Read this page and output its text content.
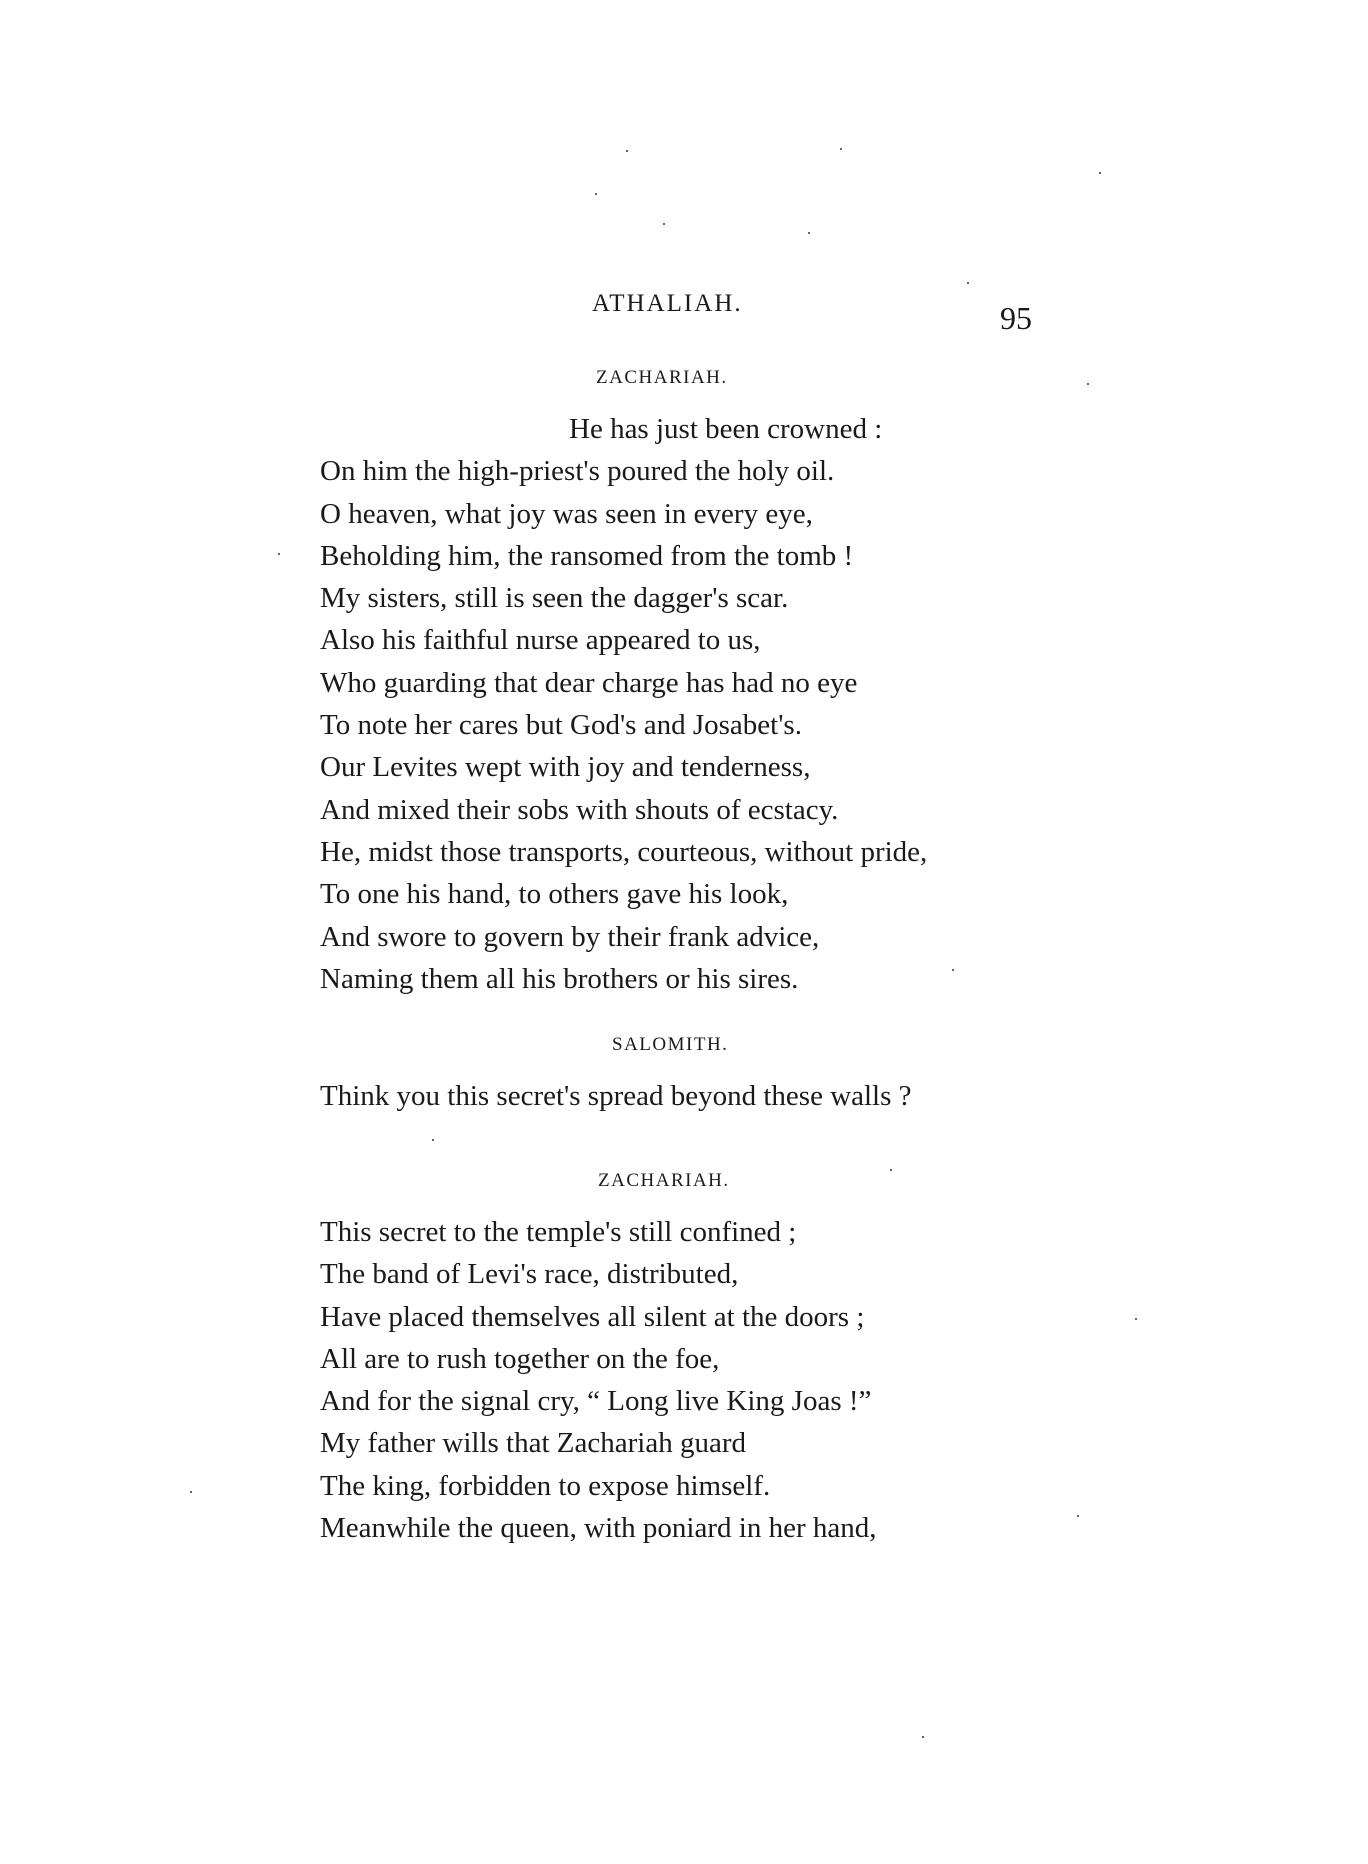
ATHALIAH.	95
ZACHARIAH.
He has just been crowned :
On him the high-priest's poured the holy oil.
O heaven, what joy was seen in every eye,
Beholding him, the ransomed from the tomb !
My sisters, still is seen the dagger's scar.
Also his faithful nurse appeared to us,
Who guarding that dear charge has had no eye
To note her cares but God's and Josabet's.
Our Levites wept with joy and tenderness,
And mixed their sobs with shouts of ecstacy.
He, midst those transports, courteous, without pride,
To one his hand, to others gave his look,
And swore to govern by their frank advice,
Naming them all his brothers or his sires.
SALOMITH.
Think you this secret's spread beyond these walls ?
ZACHARIAH.
This secret to the temple's still confined ;
The band of Levi's race, distributed,
Have placed themselves all silent at the doors ;
All are to rush together on the foe,
And for the signal cry, “ Long live King Joas !”
My father wills that Zachariah guard
The king, forbidden to expose himself.
Meanwhile the queen, with poniard in her hand,
